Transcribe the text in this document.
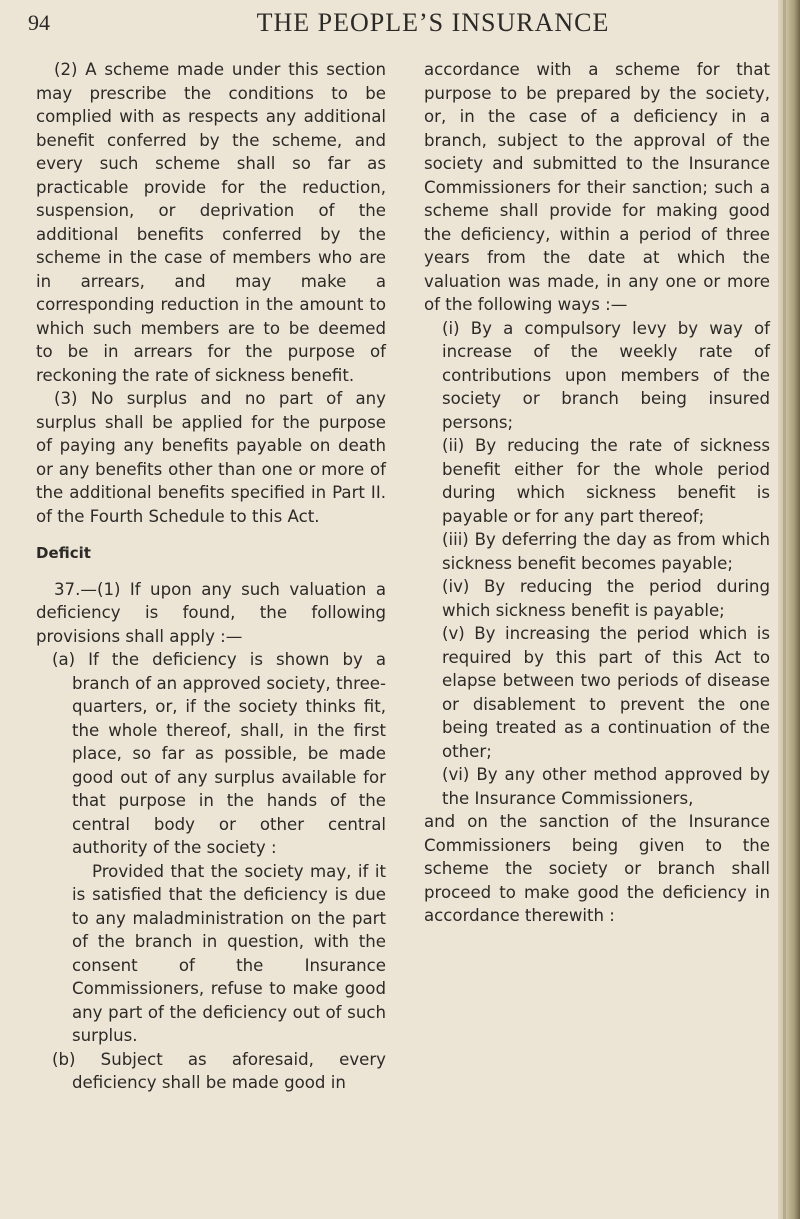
94	THE PEOPLE’S INSURANCE

(2) A scheme made under this section may prescribe the conditions to be complied with as respects any additional benefit conferred by the scheme, and every such scheme shall so far as practicable provide for the reduction, suspension, or deprivation of the additional benefits conferred by the scheme in the case of members who are in arrears, and may make a corresponding reduction in the amount to which such members are to be deemed to be in arrears for the purpose of reckoning the rate of sickness benefit.

(3) No surplus and no part of any surplus shall be applied for the purpose of paying any benefits payable on death or any benefits other than one or more of the additional benefits specified in Part II. of the Fourth Schedule to this Act.

Deficit

37.—(1) If upon any such valuation a deficiency is found, the following provisions shall apply :—

(a) If the deficiency is shown by a branch of an approved society, three-quarters, or, if the society thinks fit, the whole thereof, shall, in the first place, so far as possible, be made good out of any surplus available for that purpose in the hands of the central body or other central authority of the society :

Provided that the society may, if it is satisfied that the deficiency is due to any maladministration on the part of the branch in question, with the consent of the Insurance Commissioners, refuse to make good any part of the deficiency out of such surplus.

(b) Subject as aforesaid, every deficiency shall be made good in

accordance with a scheme for that purpose to be prepared by the society, or, in the case of a deficiency in a branch, subject to the approval of the society and submitted to the Insurance Commissioners for their sanction; such a scheme shall provide for making good the deficiency, within a period of three years from the date at which the valuation was made, in any one or more of the following ways :—

(i) By a compulsory levy by way of increase of the weekly rate of contributions upon members of the society or branch being insured persons;

(ii) By reducing the rate of sickness benefit either for the whole period during which sickness benefit is payable or for any part thereof;

(iii) By deferring the day as from which sickness benefit becomes payable;

(iv) By reducing the period during which sickness benefit is payable;

(v) By increasing the period which is required by this part of this Act to elapse between two periods of disease or disablement to prevent the one being treated as a continuation of the other;

(vi) By any other method approved by the Insurance Commissioners,

and on the sanction of the Insurance Commissioners being given to the scheme the society or branch shall proceed to make good the deficiency in accordance therewith :
